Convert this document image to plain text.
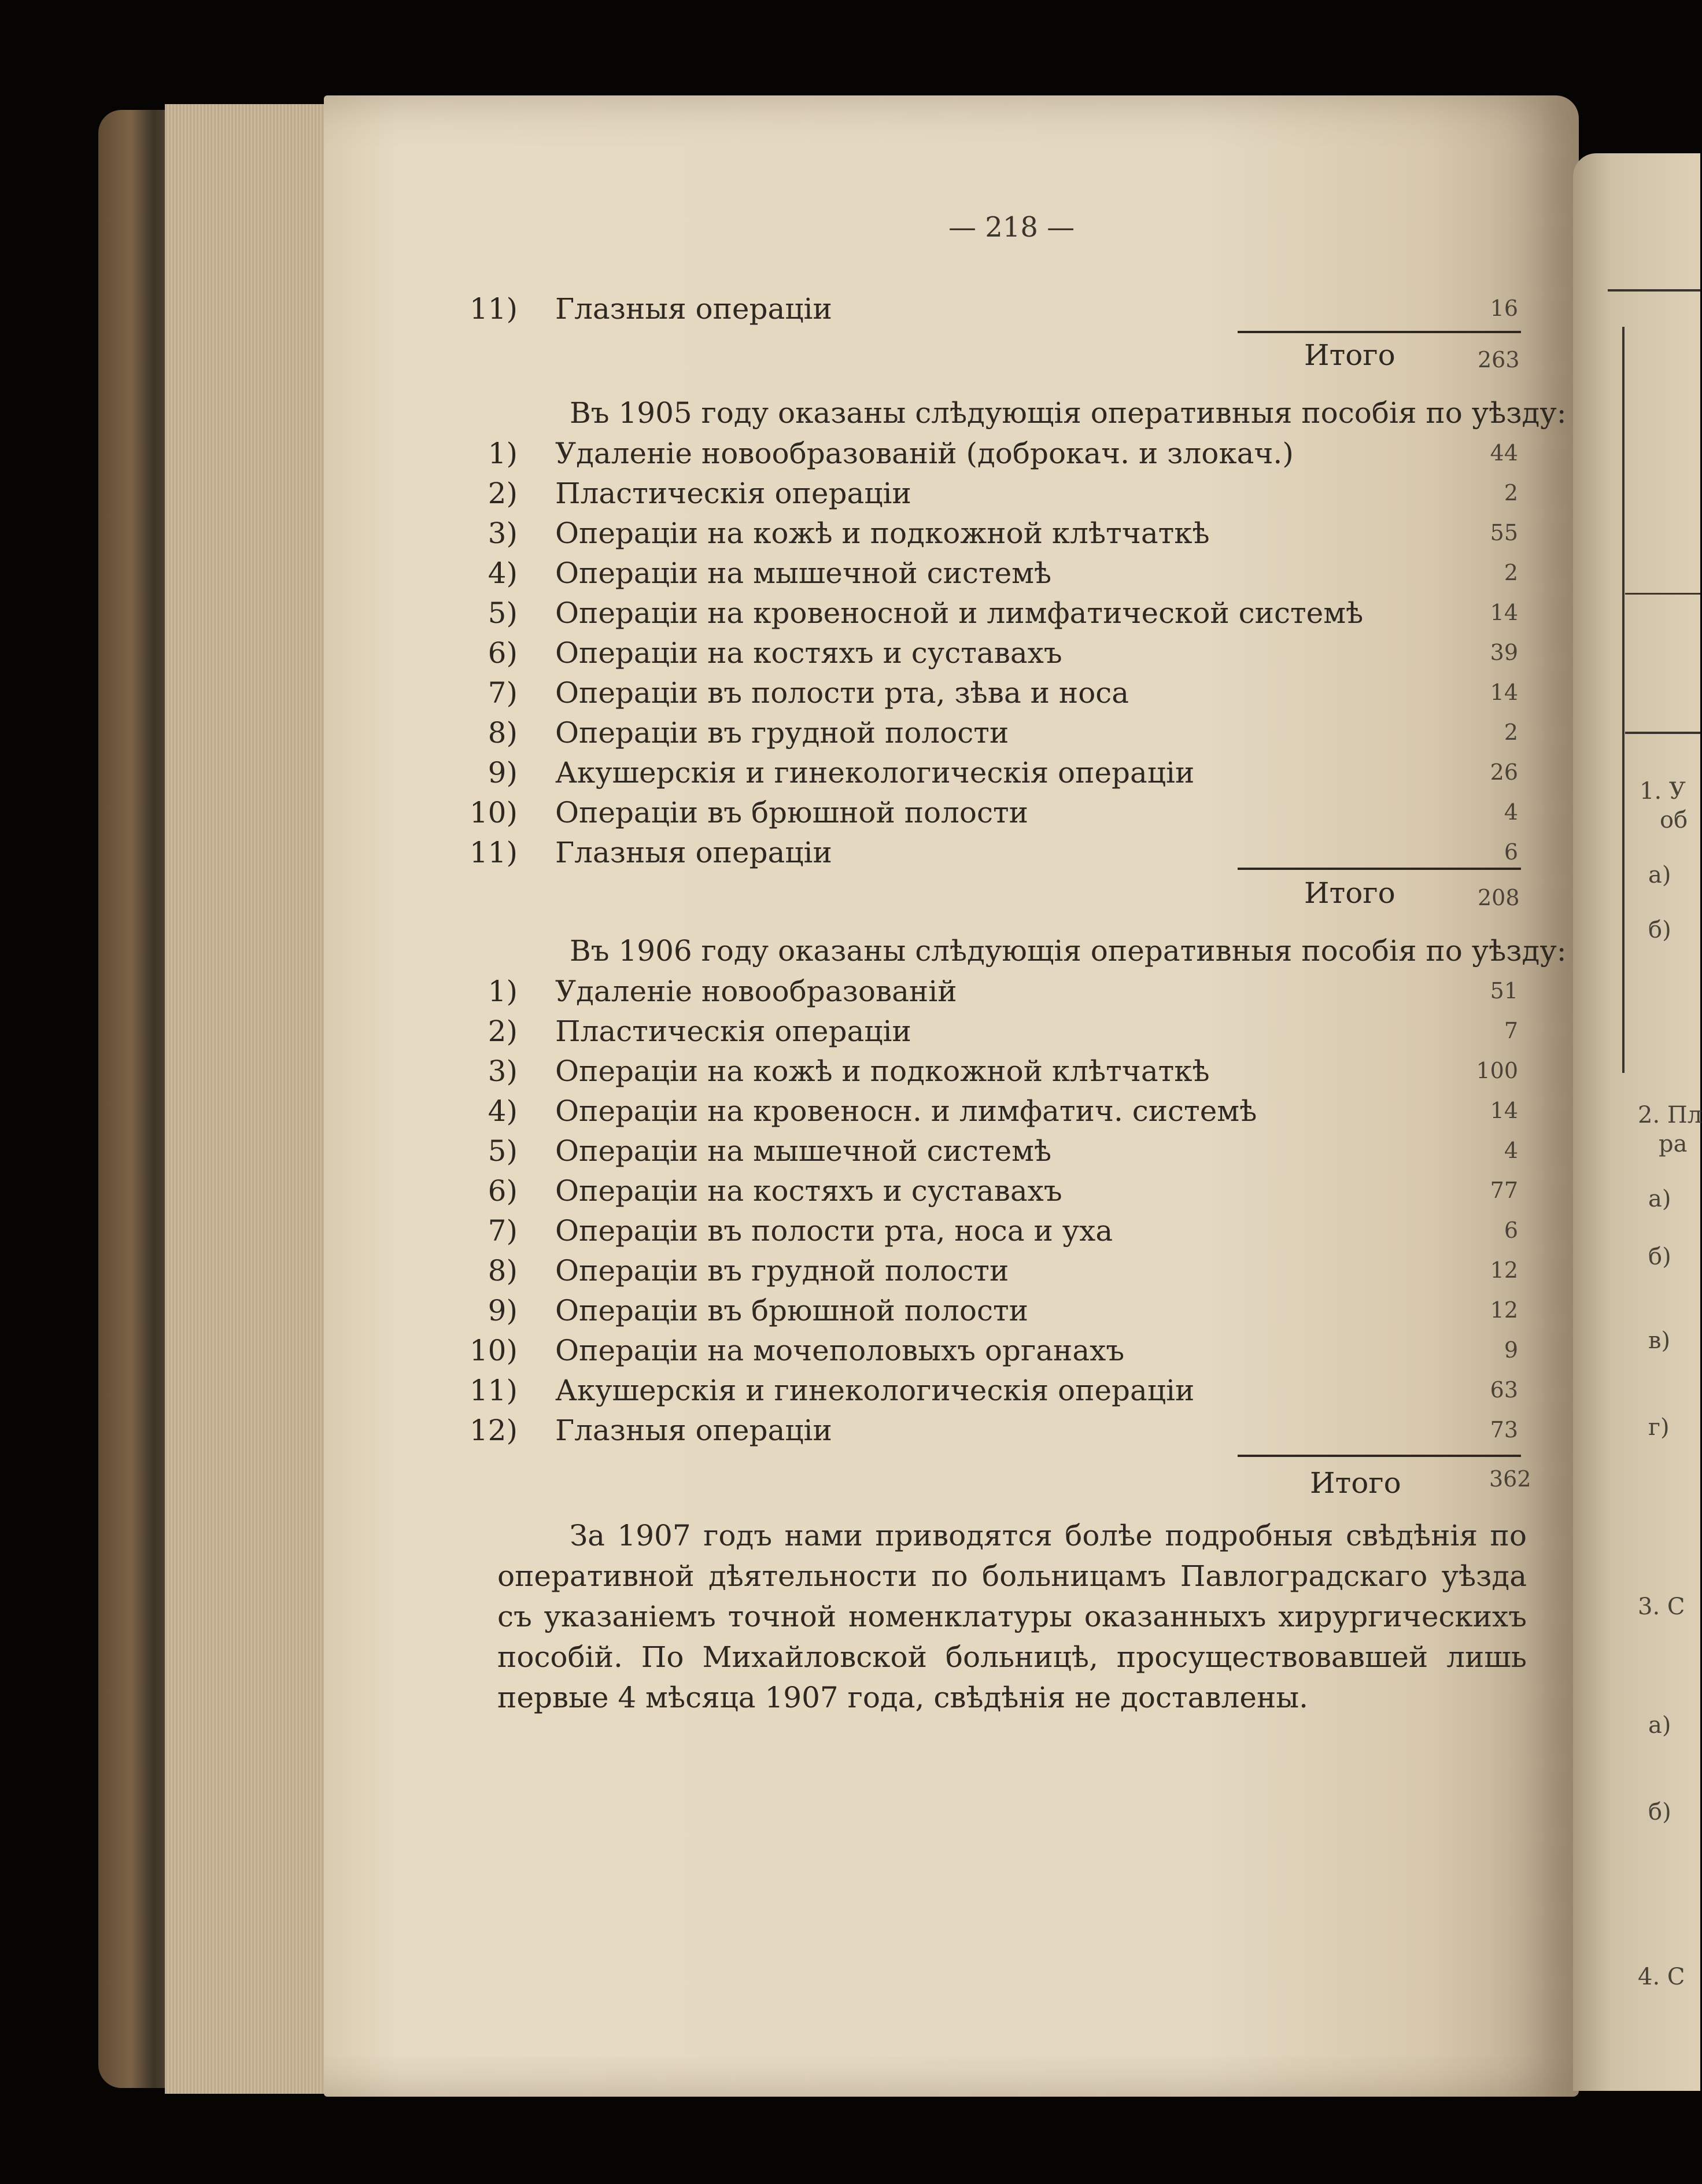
1. У
об
а)
б)
2. Пл
ра
а)
б)
в)
г)
3. С
а)
б)
4. С
— 218 —
11) Глазныя операціи	16
Итого	263
Въ 1905 году оказаны слѣдующія оперативныя пособія по уѣзду:
1) Удаленіе новообразованій (доброкач. и злокач.)	44
2) Пластическія операціи	2
3) Операціи на кожѣ и подкожной клѣтчаткѣ	55
4) Операціи на мышечной системѣ	2
5) Операціи на кровеносной и лимфатической системѣ	14
6) Операціи на костяхъ и суставахъ	39
7) Операціи въ полости рта, зѣва и носа	14
8) Операціи въ грудной полости	2
9) Акушерскія и гинекологическія операціи	26
10) Операціи въ брюшной полости	4
11) Глазныя операціи	6
Итого	208
Въ 1906 году оказаны слѣдующія оперативныя пособія по уѣзду:
1) Удаленіе новообразованій	51
2) Пластическія операціи	7
3) Операціи на кожѣ и подкожной клѣтчаткѣ	100
4) Операціи на кровеносн. и лимфатич. системѣ	14
5) Операціи на мышечной системѣ	4
6) Операціи на костяхъ и суставахъ	77
7) Операціи въ полости рта, носа и уха	6
8) Операціи въ грудной полости	12
9) Операціи въ брюшной полости	12
10) Операціи на мочеполовыхъ органахъ	9
11) Акушерскія и гинекологическія операціи	63
12) Глазныя операціи	73
Итого	362
За 1907 годъ нами приводятся болѣе подробныя свѣдѣнія по оперативной дѣятельности по больницамъ Павлоградскаго уѣзда съ указаніемъ точной номенклатуры оказанныхъ хирургическихъ пособій. По Михайловской больницѣ, просуществовавшей лишь первые 4 мѣсяца 1907 года, свѣдѣнія не доставлены.
